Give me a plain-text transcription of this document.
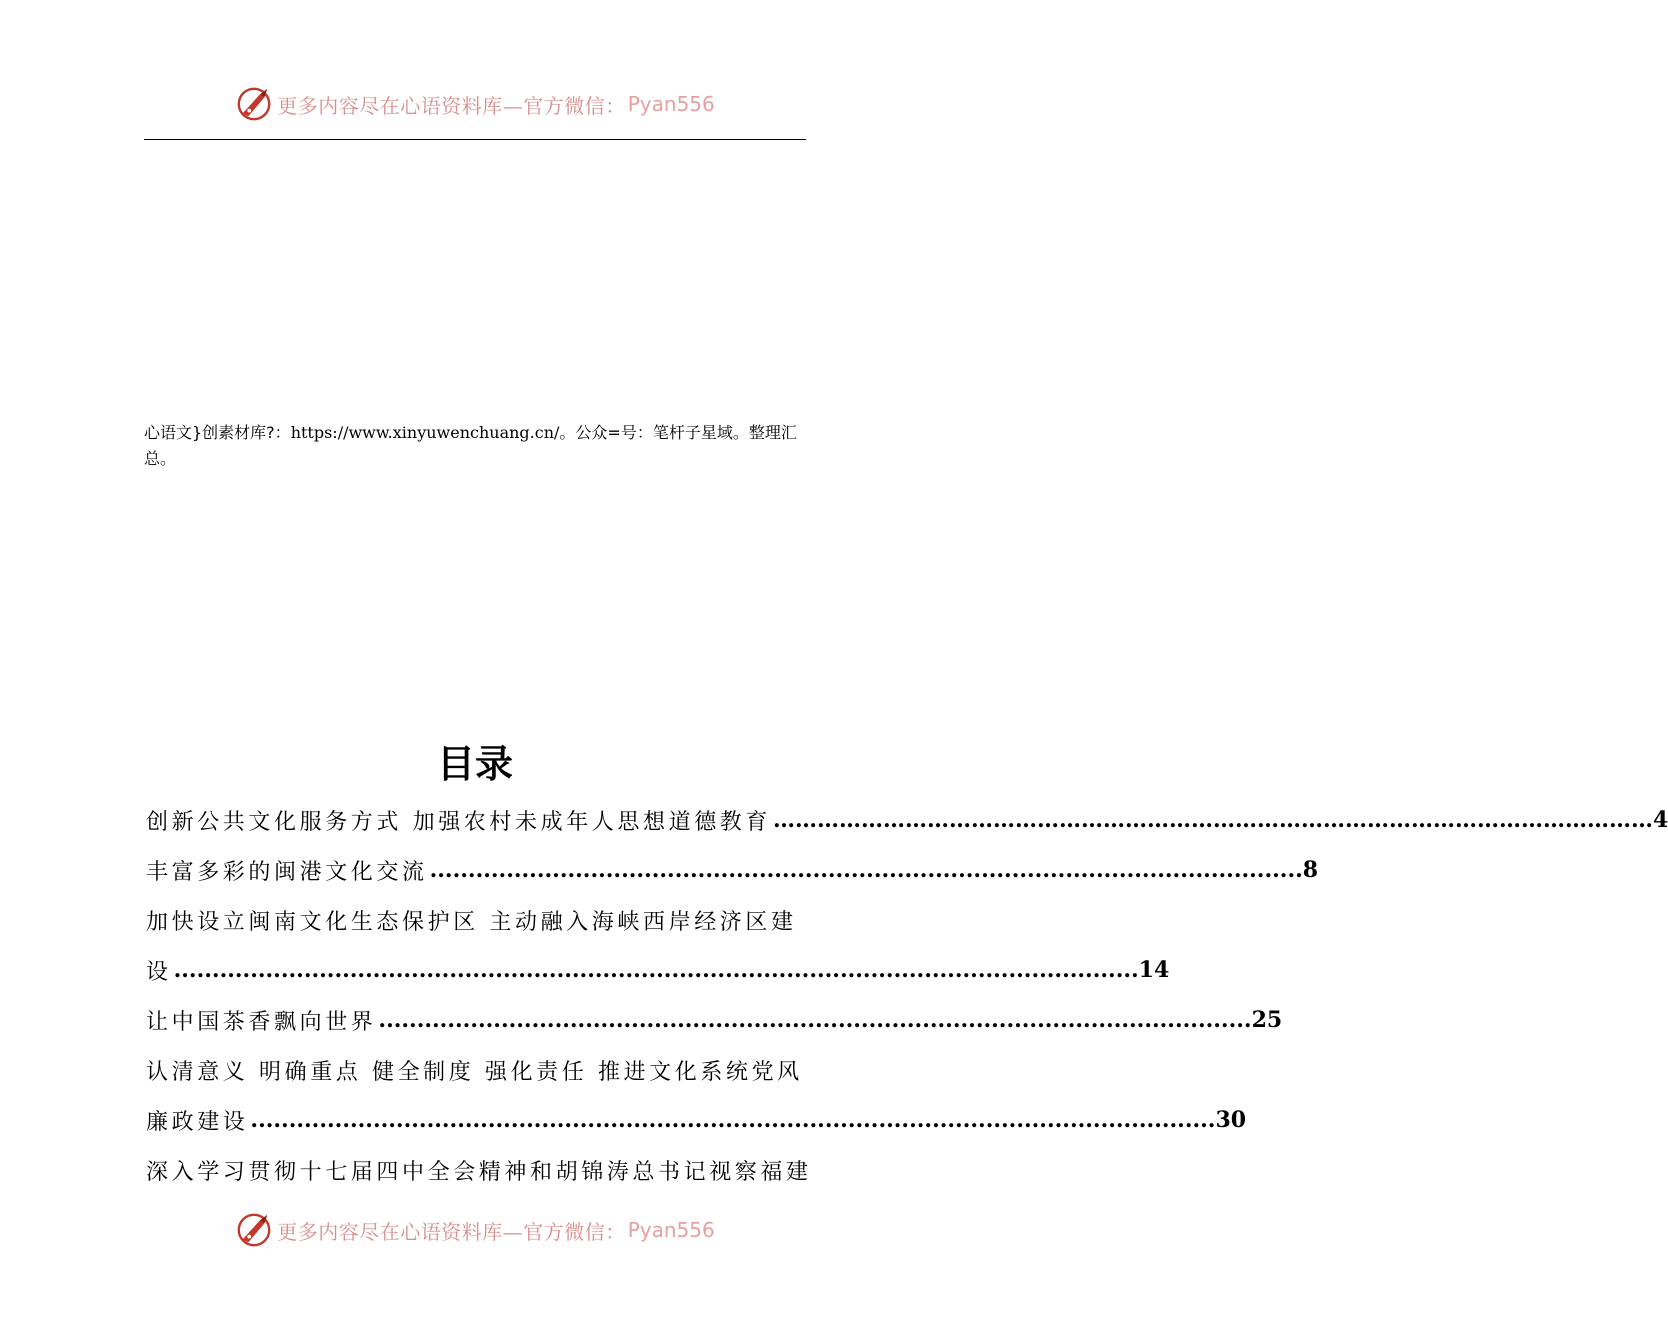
更多内容尽在心语资料库—官方微信： Pyan556
心语文}创素材库?：https://www.xinyuwenchuang.cn/。公众=号：笔杆子星域。整理汇总。
目录
创新公共文化服务方式 加强农村未成年人思想道德教育 ………………………………………………………………………………………………………… 4
丰富多彩的闽港文化交流 .................................................................................................................. 8
加快设立闽南文化生态保护区 主动融入海峡西岸经济区建
设 .............................................................................................................................. 14
让中国茶香飘向世界 .................................................................................................................. 25
认清意义 明确重点 健全制度 强化责任 推进文化系统党风
廉政建设 .............................................................................................................................. 30
深入学习贯彻十七届四中全会精神和胡锦涛总书记视察福建
更多内容尽在心语资料库—官方微信： Pyan556
